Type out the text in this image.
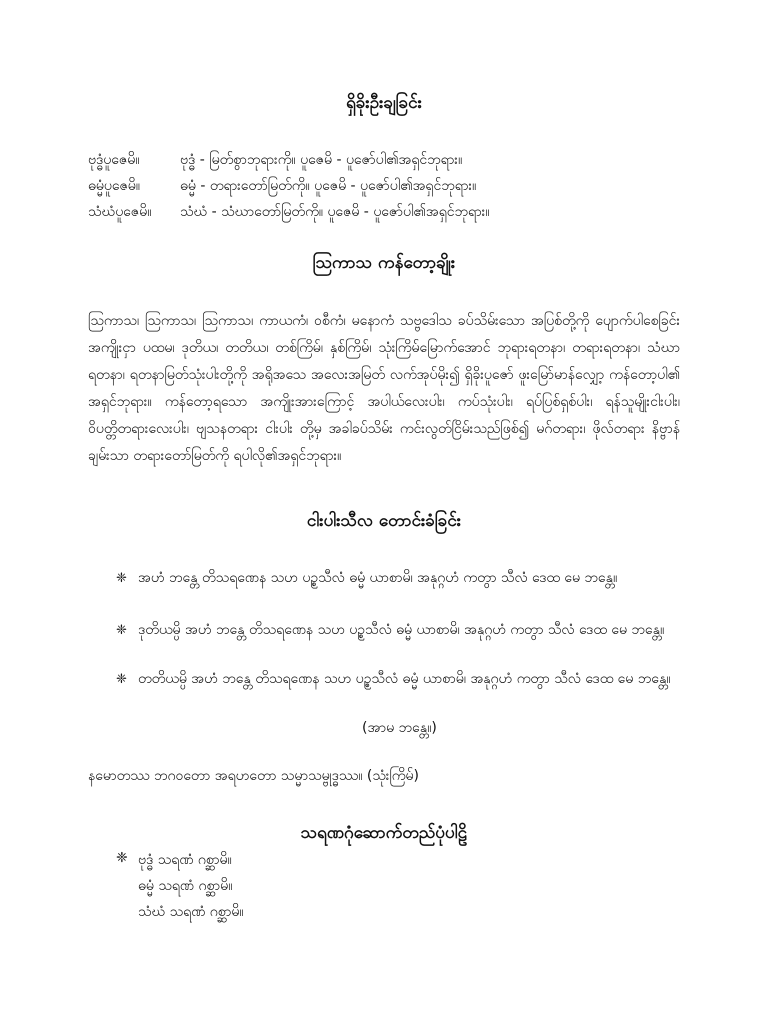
ရှိခိုးဦးချခြင်း
ဗုဒ္ဓံပူဇေမိ။	ဗုဒ္ဓံ - မြတ်စွာဘုရားကို။ ပူဇေမိ - ပူဇော်ပါ၏အရှင်ဘုရား။
ဓမ္မံပူဇေမိ။	ဓမ္မံ - တရားတော်မြတ်ကို။ ပူဇေမိ - ပူဇော်ပါ၏အရှင်ဘုရား။
သံဃံပူဇေမိ။ သံဃံ - သံဃာတော်မြတ်ကို။ ပူဇေမိ - ပူဇော်ပါ၏အရှင်ဘုရား။
ဩကာသ ကန်တော့ချိုး
ဩကာသ၊ ဩကာသ၊ ဩကာသ၊ ကာယကံ၊ ဝစီကံ၊ မနောကံ သဗ္ဗဒေါသ ခပ်သိမ်းသော အပြစ်တို့ကို ပျောက်ပါစေခြင်း အကျိုးငှာ ပထမ၊ ဒုတိယ၊ တတိယ၊ တစ်ကြိမ်၊ နှစ်ကြိမ်၊ သုံးကြိမ်မြောက်အောင် ဘုရားရတနာ၊ တရားရတနာ၊ သံဃာရတနာ၊ ရတနာမြတ်သုံးပါးတို့ကို အရိုအသေ အလေးအမြတ် လက်အုပ်မိုး၍ ရှိခိုးပူဇော် ဖူးမြော်မာန်လျှော့ ကန်တော့ပါ၏ အရှင်ဘုရား။ ကန်တော့ရသော အကျိုးအားကြောင့် အပါယ်လေးပါး၊ ကပ်သုံးပါး၊ ရပ်ပြစ်ရှစ်ပါး၊ ရန်သူမျိုးငါးပါး၊ ဝိပတ္တိတရားလေးပါး၊ ဗျသနတရား ငါးပါး တို့မှ အခါခပ်သိမ်း ကင်းလွတ်ငြိမ်းသည်ဖြစ်၍ မဂ်တရား၊ ဖိုလ်တရား နိဗ္ဗာန်ချမ်းသာ တရားတော်မြတ်ကို ရပါလို၏အရှင်ဘုရား။
ငါးပါးသီလ တောင်းခံခြင်း
❈ အဟံ ဘန္တေ တိသရဏေန သဟ ပဉ္စသီလံ ဓမ္မံ ယာစာမိ၊ အနုဂ္ဂဟံ ကတွာ သီလံ ဒေထ မေ ဘန္တေ။
❈ ဒုတိယမ္ပိ အဟံ ဘန္တေ တိသရဏေန သဟ ပဉ္စသီလံ ဓမ္မံ ယာစာမိ၊ အနုဂ္ဂဟံ ကတွာ သီလံ ဒေထ မေ ဘန္တေ။
❈ တတိယမ္ပိ အဟံ ဘန္တေ တိသရဏေန သဟ ပဉ္စသီလံ ဓမ္မံ ယာစာမိ၊ အနုဂ္ဂဟံ ကတွာ သီလံ ဒေထ မေ ဘန္တေ။
(အာမ ဘန္တေ။)
နမောတဿ ဘဂဝတော အရဟတော သမ္မာသမ္ဗုဒ္ဓဿ။ (သုံးကြိမ်)
သရဏဂုံဆောက်တည်ပုံပါဠိ
❈ ဗုဒ္ဓံ သရဏံ ဂစ္ဆာမိ။
ဓမ္မံ သရဏံ ဂစ္ဆာမိ။
သံဃံ သရဏံ ဂစ္ဆာမိ။
